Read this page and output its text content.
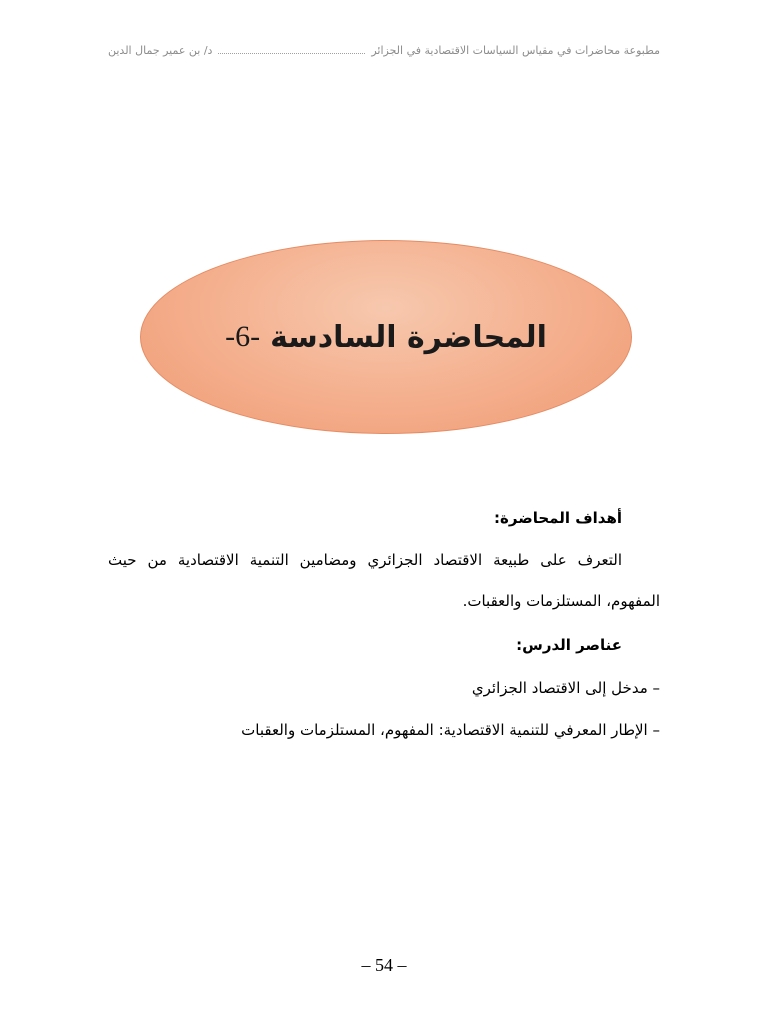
مطبوعة محاضرات في مقياس السياسات الاقتصادية في الجزائر
د/ بن عمير جمال الدين
المحاضرة السادسة
-6-
أهداف المحاضرة:
التعرف على طبيعة الاقتصاد الجزائري ومضامين التنمية الاقتصادية من حيث
المفهوم، المستلزمات والعقبات.
عناصر الدرس:
– مدخل إلى الاقتصاد الجزائري
– الإطار المعرفي للتنمية الاقتصادية: المفهوم، المستلزمات والعقبات
– 54 –
